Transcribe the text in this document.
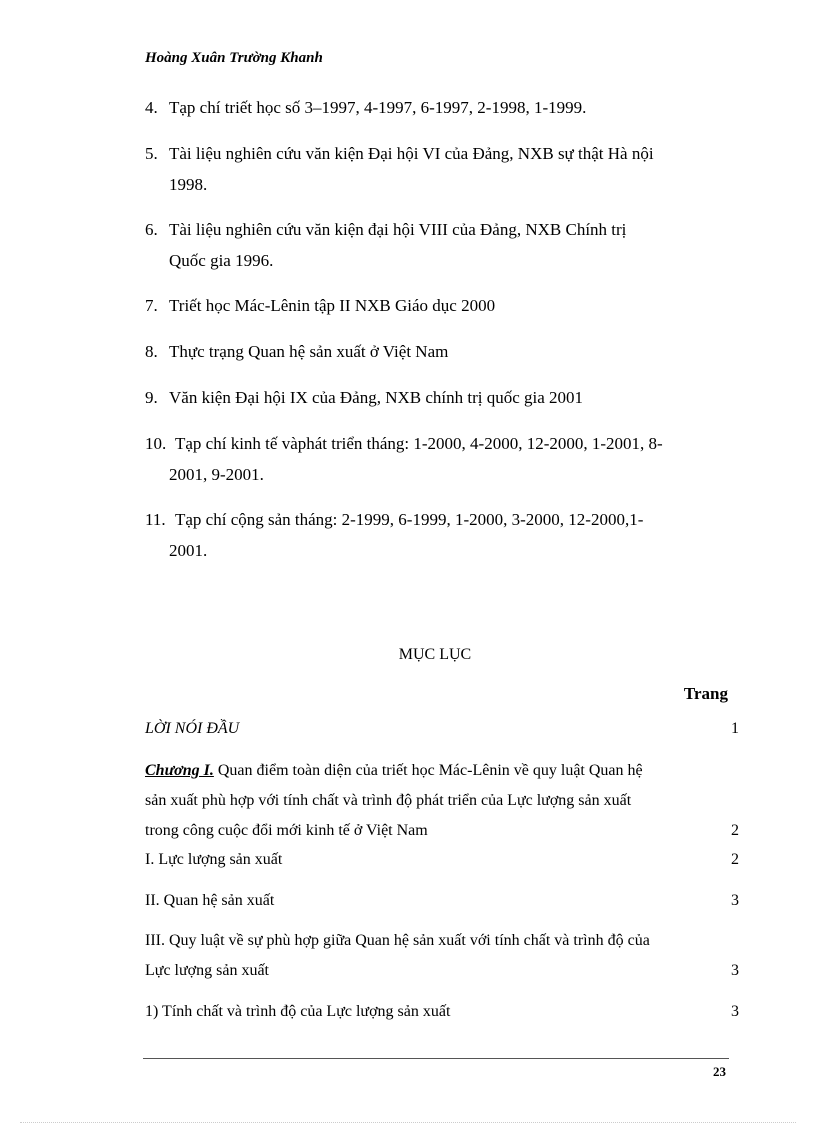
Hoàng Xuân Trường Khanh
4. Tạp chí triết học số 3–1997, 4-1997, 6-1997, 2-1998, 1-1999.
5. Tài liệu nghiên cứu văn kiện Đại hội VI của Đảng, NXB sự thật Hà nội
1998.
6. Tài liệu nghiên cứu văn kiện đại hội VIII của Đảng, NXB Chính trị
Quốc gia 1996.
7. Triết học Mác-Lênin tập II NXB Giáo dục 2000
8. Thực trạng Quan hệ sản xuất ở Việt Nam
9. Văn kiện Đại hội IX của Đảng, NXB chính trị quốc gia 2001
10. Tạp chí kinh tế vàphát triển tháng: 1-2000, 4-2000, 12-2000, 1-2001, 8-
2001, 9-2001.
11. Tạp chí cộng sản tháng: 2-1999, 6-1999, 1-2000, 3-2000, 12-2000,1-
2001.
MỤC LỤC
Trang
LỜI NÓI ĐẦU	1
Chương I. Quan điểm toàn diện của triết học Mác-Lênin về quy luật Quan hệ
sản xuất phù hợp với tính chất và trình độ phát triển của Lực lượng sản xuất
trong công cuộc đổi mới kinh tế ở Việt Nam	2
I. Lực lượng sản xuất	2
II. Quan hệ sản xuất	3
III. Quy luật về sự phù hợp giữa Quan hệ sản xuất với tính chất và trình độ của
Lực lượng sản xuất	3
1) Tính chất và trình độ của Lực lượng sản xuất	3
23
